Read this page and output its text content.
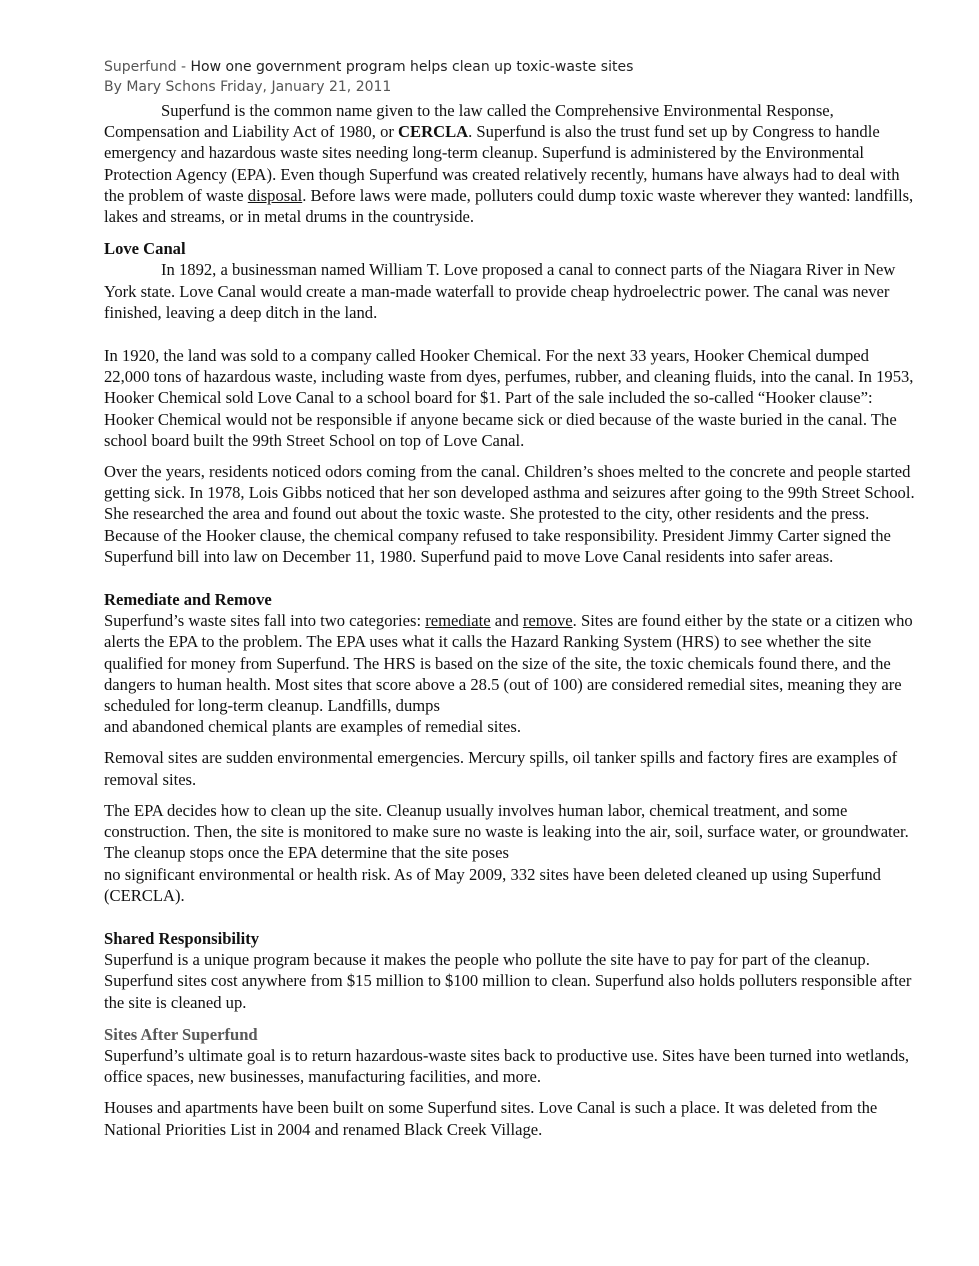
Superfund - How one government program helps clean up toxic-waste sites
By Mary Schons Friday, January 21, 2011

Superfund is the common name given to the law called the Comprehensive Environmental Response, Compensation and Liability Act of 1980, or CERCLA. Superfund is also the trust fund set up by Congress to handle emergency and hazardous waste sites needing long-term cleanup. Superfund is administered by the Environmental Protection Agency (EPA). Even though Superfund was created relatively recently, humans have always had to deal with the problem of waste disposal. Before laws were made, polluters could dump toxic waste wherever they wanted: landfills, lakes and streams, or in metal drums in the countryside.

Love Canal

In 1892, a businessman named William T. Love proposed a canal to connect parts of the Niagara River in New York state. Love Canal would create a man-made waterfall to provide cheap hydroelectric power. The canal was never finished, leaving a deep ditch in the land.

In 1920, the land was sold to a company called Hooker Chemical. For the next 33 years, Hooker Chemical dumped 22,000 tons of hazardous waste, including waste from dyes, perfumes, rubber, and cleaning fluids, into the canal. In 1953, Hooker Chemical sold Love Canal to a school board for $1. Part of the sale included the so-called “Hooker clause”: Hooker Chemical would not be responsible if anyone became sick or died because of the waste buried in the canal. The school board built the 99th Street School on top of Love Canal.

Over the years, residents noticed odors coming from the canal. Children’s shoes melted to the concrete and people started getting sick. In 1978, Lois Gibbs noticed that her son developed asthma and seizures after going to the 99th Street School. She researched the area and found out about the toxic waste. She protested to the city, other residents and the press. Because of the Hooker clause, the chemical company refused to take responsibility. President Jimmy Carter signed the Superfund bill into law on December 11, 1980. Superfund paid to move Love Canal residents into safer areas.

Remediate and Remove

Superfund’s waste sites fall into two categories: remediate and remove. Sites are found either by the state or a citizen who alerts the EPA to the problem. The EPA uses what it calls the Hazard Ranking System (HRS) to see whether the site qualified for money from Superfund. The HRS is based on the size of the site, the toxic chemicals found there, and the dangers to human health. Most sites that score above a 28.5 (out of 100) are considered remedial sites, meaning they are scheduled for long-term cleanup. Landfills, dumps

and abandoned chemical plants are examples of remedial sites.

Removal sites are sudden environmental emergencies. Mercury spills, oil tanker spills and factory fires are examples of removal sites.

The EPA decides how to clean up the site. Cleanup usually involves human labor, chemical treatment, and some construction. Then, the site is monitored to make sure no waste is leaking into the air, soil, surface water, or groundwater. The cleanup stops once the EPA determine that the site poses

no significant environmental or health risk. As of May 2009, 332 sites have been deleted cleaned up using Superfund (CERCLA).

Shared Responsibility

Superfund is a unique program because it makes the people who pollute the site have to pay for part of the cleanup. Superfund sites cost anywhere from $15 million to $100 million to clean. Superfund also holds polluters responsible after the site is cleaned up.

Sites After Superfund

Superfund’s ultimate goal is to return hazardous-waste sites back to productive use. Sites have been turned into wetlands, office spaces, new businesses, manufacturing facilities, and more.

Houses and apartments have been built on some Superfund sites. Love Canal is such a place. It was deleted from the National Priorities List in 2004 and renamed Black Creek Village.
